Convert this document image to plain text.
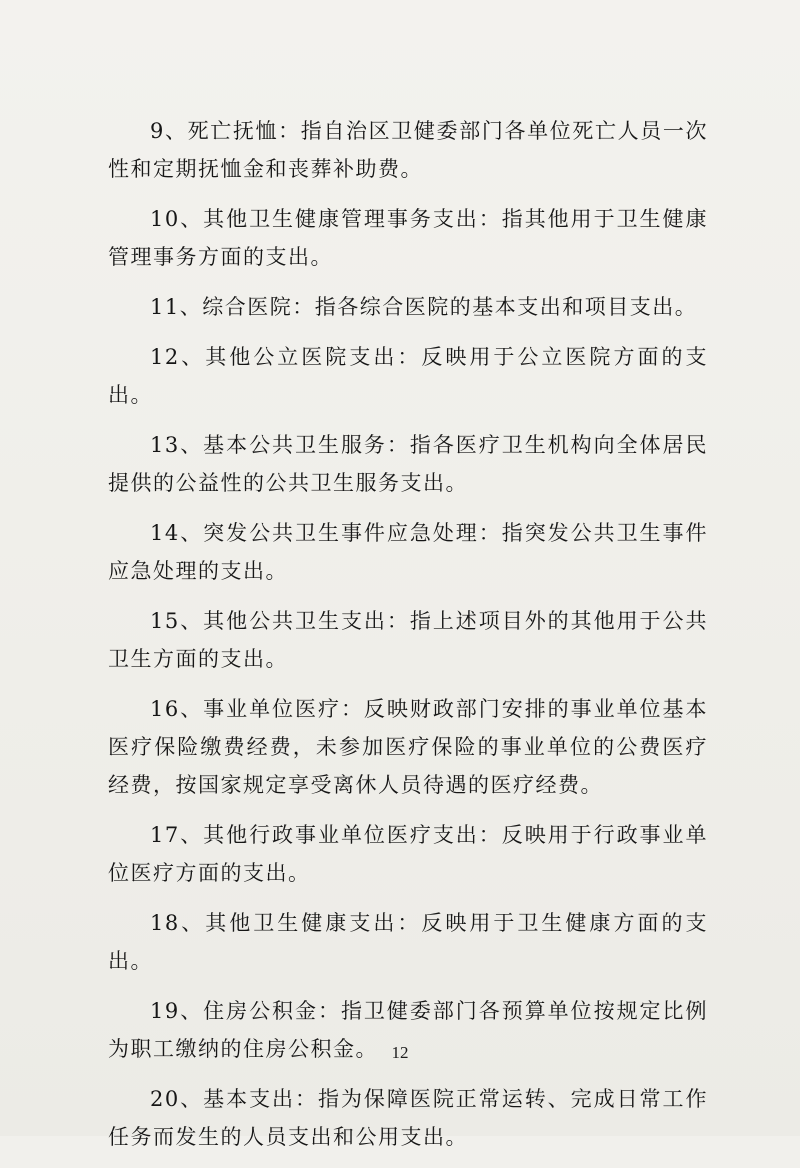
9、死亡抚恤：指自治区卫健委部门各单位死亡人员一次性和定期抚恤金和丧葬补助费。

10、其他卫生健康管理事务支出：指其他用于卫生健康管理事务方面的支出。

11、综合医院：指各综合医院的基本支出和项目支出。

12、其他公立医院支出：反映用于公立医院方面的支出。

13、基本公共卫生服务：指各医疗卫生机构向全体居民提供的公益性的公共卫生服务支出。

14、突发公共卫生事件应急处理：指突发公共卫生事件应急处理的支出。

15、其他公共卫生支出：指上述项目外的其他用于公共卫生方面的支出。

16、事业单位医疗：反映财政部门安排的事业单位基本医疗保险缴费经费，未参加医疗保险的事业单位的公费医疗经费，按国家规定享受离休人员待遇的医疗经费。

17、其他行政事业单位医疗支出：反映用于行政事业单位医疗方面的支出。

18、其他卫生健康支出：反映用于卫生健康方面的支出。

19、住房公积金：指卫健委部门各预算单位按规定比例为职工缴纳的住房公积金。

20、基本支出：指为保障医院正常运转、完成日常工作任务而发生的人员支出和公用支出。

12
